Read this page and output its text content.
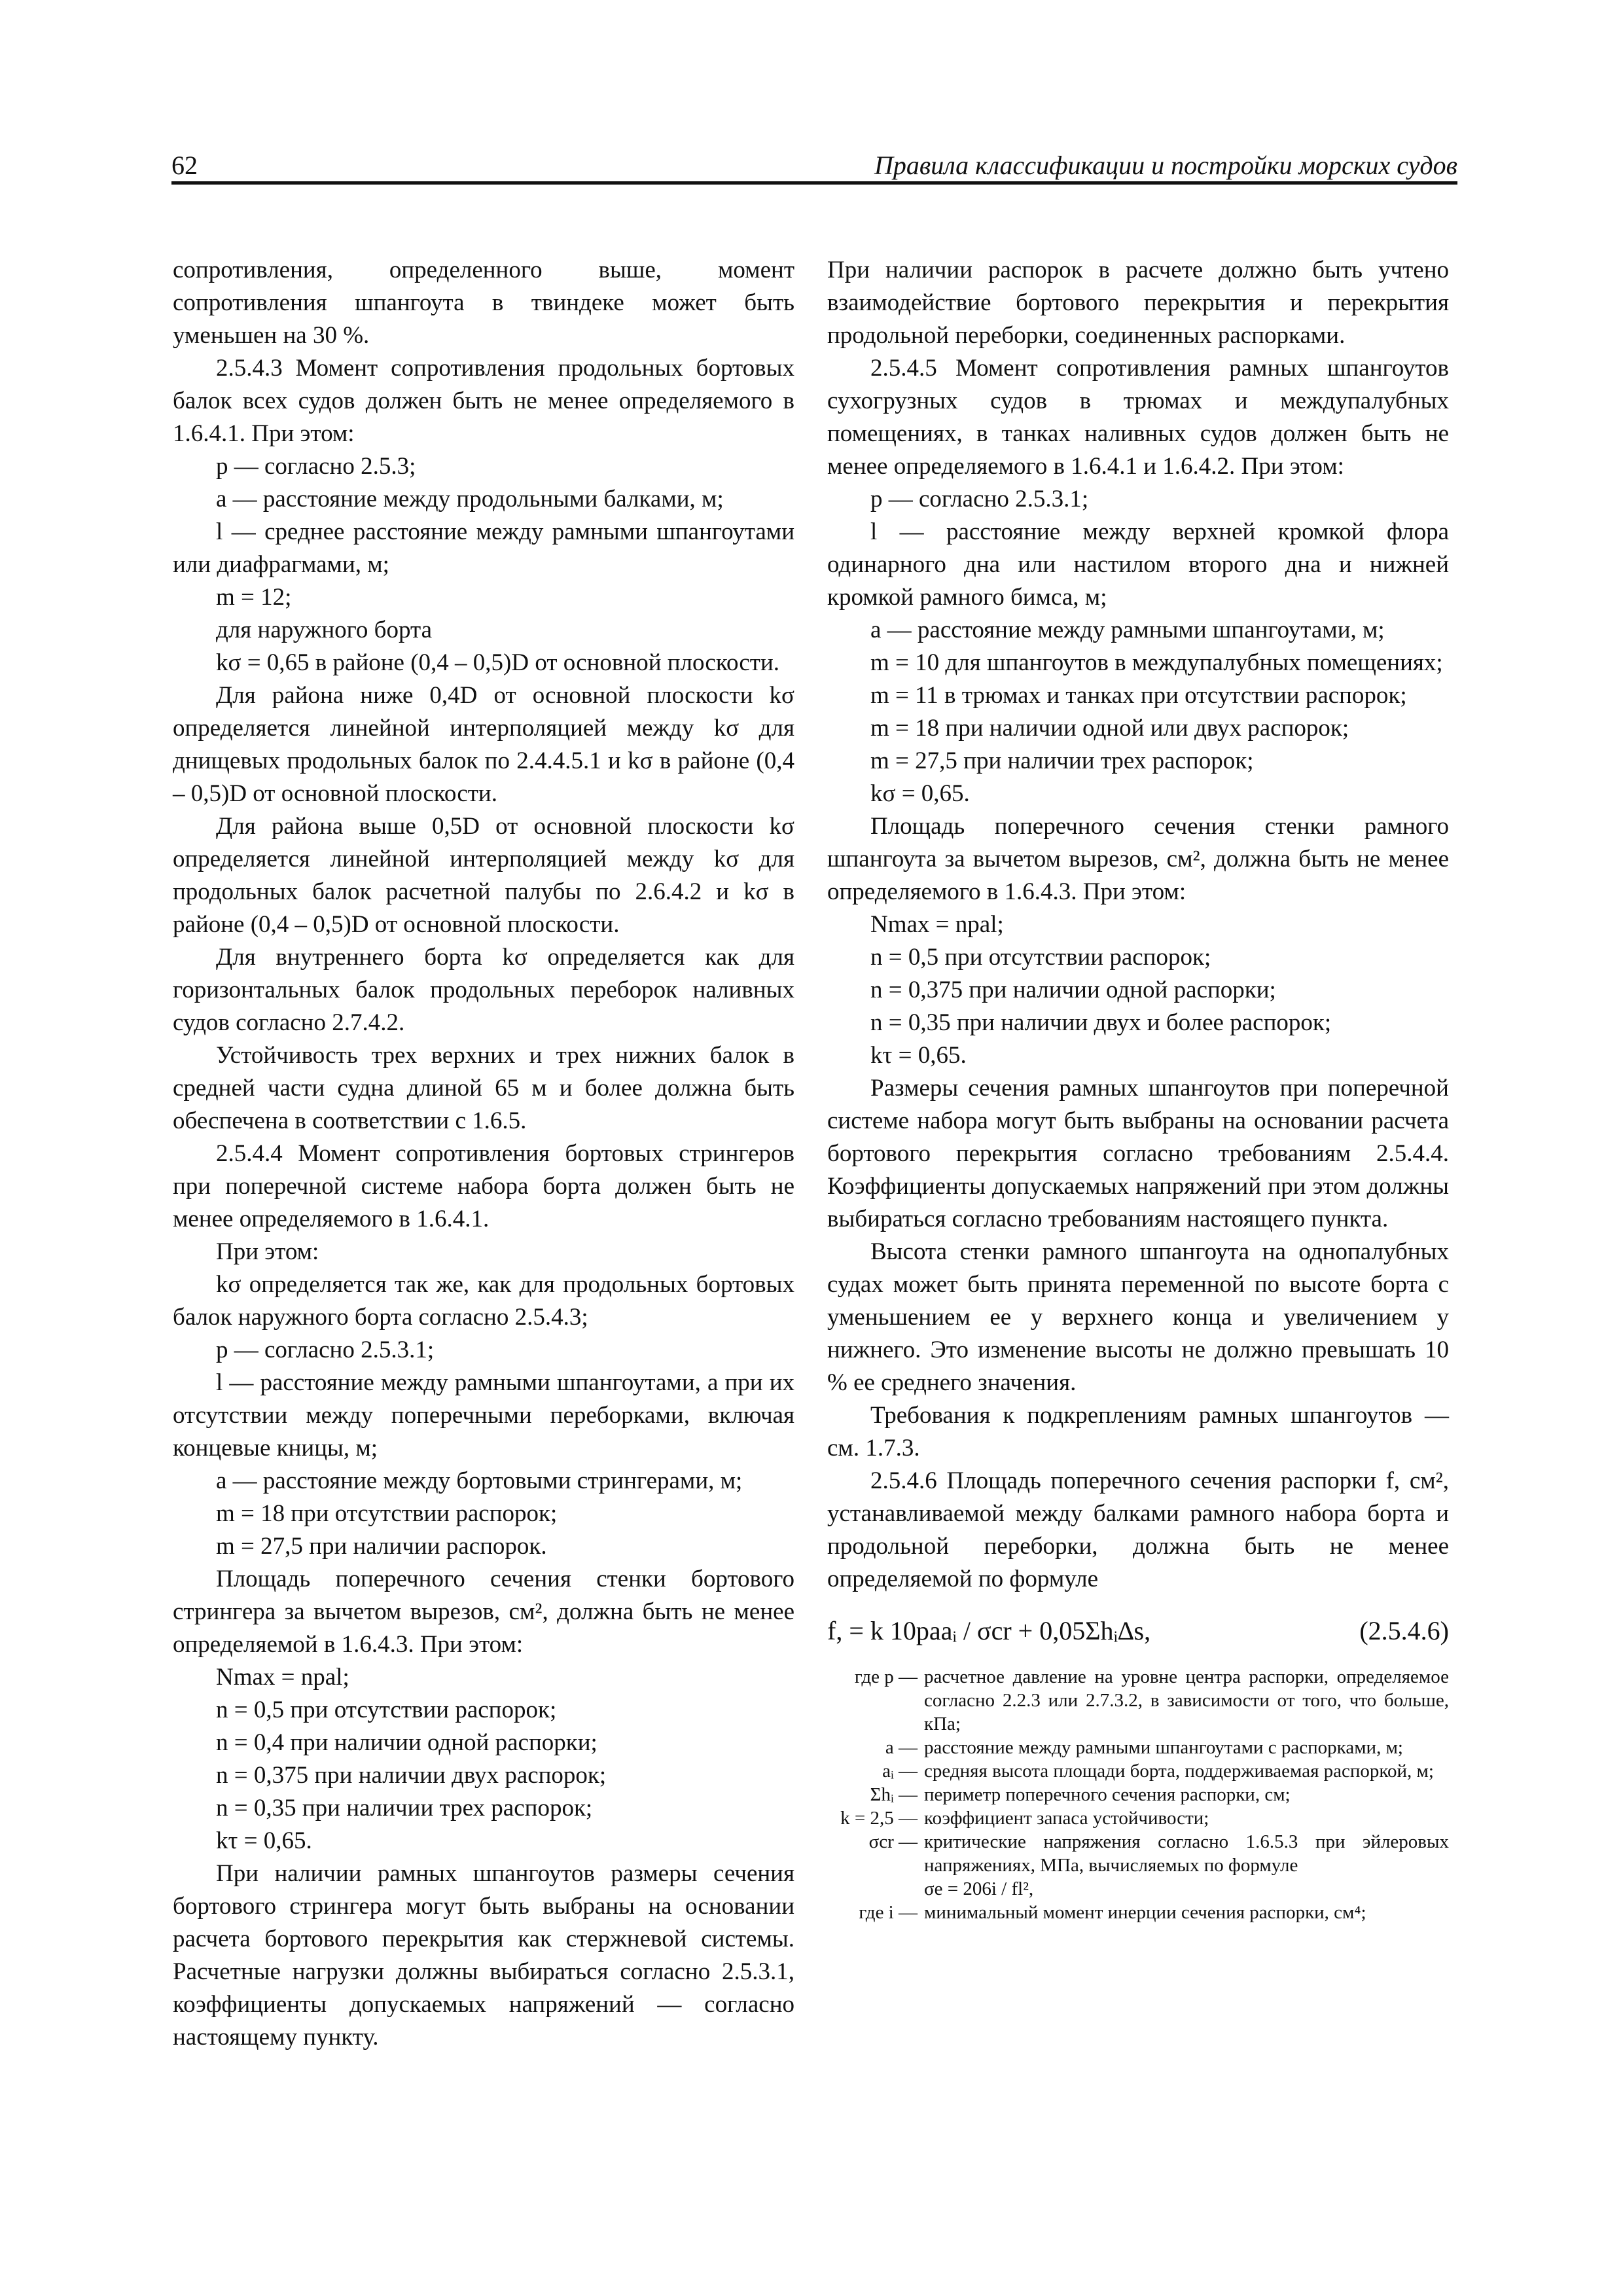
62	Правила классификации и постройки морских судов

сопротивления, определенного выше, момент сопротивления шпангоута в твиндеке может быть уменьшен на 30 %.

2.5.4.3 Момент сопротивления продольных бортовых балок всех судов должен быть не менее определяемого в 1.6.4.1. При этом:

p — согласно 2.5.3;

a — расстояние между продольными балками, м;

l — среднее расстояние между рамными шпангоутами или диафрагмами, м;

m = 12;

для наружного борта

kσ = 0,65 в районе (0,4 – 0,5)D от основной плоскости.

Для района ниже 0,4D от основной плоскости kσ определяется линейной интерполяцией между kσ для днищевых продольных балок по 2.4.4.5.1 и kσ в районе (0,4 – 0,5)D от основной плоскости.

Для района выше 0,5D от основной плоскости kσ определяется линейной интерполяцией между kσ для продольных балок расчетной палубы по 2.6.4.2 и kσ в районе (0,4 – 0,5)D от основной плоскости.

Для внутреннего борта kσ определяется как для горизонтальных балок продольных переборок наливных судов согласно 2.7.4.2.

Устойчивость трех верхних и трех нижних балок в средней части судна длиной 65 м и более должна быть обеспечена в соответствии с 1.6.5.

2.5.4.4 Момент сопротивления бортовых стрингеров при поперечной системе набора борта должен быть не менее определяемого в 1.6.4.1.

При этом:

kσ определяется так же, как для продольных бортовых балок наружного борта согласно 2.5.4.3;

p — согласно 2.5.3.1;

l — расстояние между рамными шпангоутами, а при их отсутствии между поперечными переборками, включая концевые кницы, м;

a — расстояние между бортовыми стрингерами, м;

m = 18 при отсутствии распорок;

m = 27,5 при наличии распорок.

Площадь поперечного сечения стенки бортового стрингера за вычетом вырезов, см², должна быть не менее определяемой в 1.6.4.3. При этом:

Nmax = npal;

n = 0,5 при отсутствии распорок;

n = 0,4 при наличии одной распорки;

n = 0,375 при наличии двух распорок;

n = 0,35 при наличии трех распорок;

kτ = 0,65.

При наличии рамных шпангоутов размеры сечения бортового стрингера могут быть выбраны на основании расчета бортового перекрытия как стержневой системы. Расчетные нагрузки должны выбираться согласно 2.5.3.1, коэффициенты допускаемых напряжений — согласно настоящему пункту.

При наличии распорок в расчете должно быть учтено взаимодействие бортового перекрытия и перекрытия продольной переборки, соединенных распорками.

2.5.4.5 Момент сопротивления рамных шпангоутов сухогрузных судов в трюмах и междупалубных помещениях, в танках наливных судов должен быть не менее определяемого в 1.6.4.1 и 1.6.4.2. При этом:

p — согласно 2.5.3.1;

l — расстояние между верхней кромкой флора одинарного дна или настилом второго дна и нижней кромкой рамного бимса, м;

a — расстояние между рамными шпангоутами, м;

m = 10 для шпангоутов в междупалубных помещениях;

m = 11 в трюмах и танках при отсутствии распорок;

m = 18 при наличии одной или двух распорок;

m = 27,5 при наличии трех распорок;

kσ = 0,65.

Площадь поперечного сечения стенки рамного шпангоута за вычетом вырезов, см², должна быть не менее определяемого в 1.6.4.3. При этом:

Nmax = npal;

n = 0,5 при отсутствии распорок;

n = 0,375 при наличии одной распорки;

n = 0,35 при наличии двух и более распорок;

kτ = 0,65.

Размеры сечения рамных шпангоутов при поперечной системе набора могут быть выбраны на основании расчета бортового перекрытия согласно требованиям 2.5.4.4. Коэффициенты допускаемых напряжений при этом должны выбираться согласно требованиям настоящего пункта.

Высота стенки рамного шпангоута на однопалубных судах может быть принята переменной по высоте борта с уменьшением ее у верхнего конца и увеличением у нижнего. Это изменение высоты не должно превышать 10 % ее среднего значения.

Требования к подкреплениям рамных шпангоутов — см. 1.7.3.

2.5.4.6 Площадь поперечного сечения распорки f, см², устанавливаемой между балками рамного набора борта и продольной переборки, должна быть не менее определяемой по формуле

f, = k 10paaᵢ / σcr + 0,05Σhᵢ∆s,	(2.5.4.6)

где p — расчетное давление на уровне центра распорки, определяемое согласно 2.2.3 или 2.7.3.2, в зависимости от того, что больше, кПа;
a — расстояние между рамными шпангоутами с распорками, м;
aᵢ — средняя высота площади борта, поддерживаемая распоркой, м;
Σhᵢ — периметр поперечного сечения распорки, см;
k = 2,5 — коэффициент запаса устойчивости;
σcr — критические напряжения согласно 1.6.5.3 при эйлеровых напряжениях, МПа, вычисляемых по формуле
σe = 206i / fl²,
где i — минимальный момент инерции сечения распорки, см⁴;
